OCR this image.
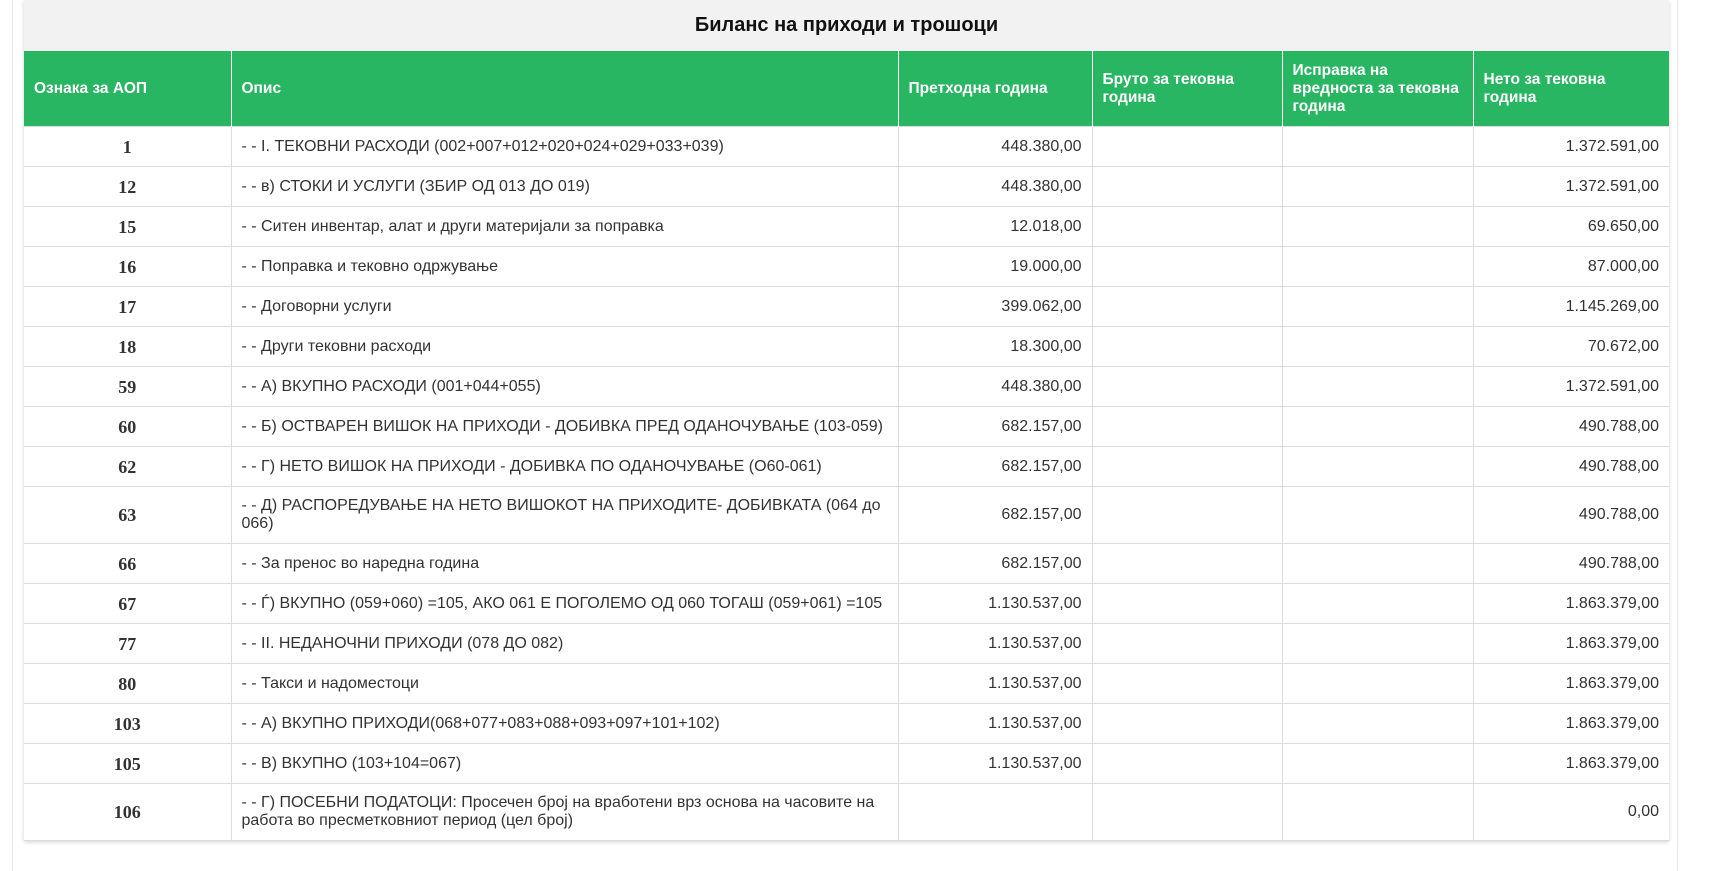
Биланс на приходи и трошоци
Ознака за АОП	Опис	Претходна година	Бруто за тековна година	Исправка на вредноста за тековна година	Нето за тековна година
1	- - I. ТЕКОВНИ РАСХОДИ (002+007+012+020+024+029+033+039)	448.380,00			1.372.591,00
12	- - в) СТОКИ И УСЛУГИ (ЗБИР ОД 013 ДО 019)	448.380,00			1.372.591,00
15	- - Ситен инвентар, алат и други материјали за поправка	12.018,00			69.650,00
16	- - Поправка и тековно одржување	19.000,00			87.000,00
17	- - Договорни услуги	399.062,00			1.145.269,00
18	- - Други тековни расходи	18.300,00			70.672,00
59	- - А) ВКУПНО РАСХОДИ (001+044+055)	448.380,00			1.372.591,00
60	- - Б) ОСТВАРЕН ВИШОК НА ПРИХОДИ - ДОБИВКА ПРЕД ОДАНОЧУВАЊЕ (103-059)	682.157,00			490.788,00
62	- - Г) НЕТО ВИШОК НА ПРИХОДИ - ДОБИВКА ПО ОДАНОЧУВАЊЕ (О60-061)	682.157,00			490.788,00
63	- - Д) РАСПОРЕДУВАЊЕ НА НЕТО ВИШОКОТ НА ПРИХОДИТЕ- ДОБИВКАТА (064 до 066)	682.157,00			490.788,00
66	- - За пренос во наредна година	682.157,00			490.788,00
67	- - Ѓ) ВКУПНО (059+060) =105, АКО 061 Е ПОГОЛЕМО ОД 060 ТОГАШ (059+061) =105	1.130.537,00			1.863.379,00
77	- - II. НЕДАНОЧНИ ПРИХОДИ (078 ДО 082)	1.130.537,00			1.863.379,00
80	- - Такси и надоместоци	1.130.537,00			1.863.379,00
103	- - А) ВКУПНО ПРИХОДИ(068+077+083+088+093+097+101+102)	1.130.537,00			1.863.379,00
105	- - В) ВКУПНО (103+104=067)	1.130.537,00			1.863.379,00
106	- - Г) ПОСЕБНИ ПОДАТОЦИ: Просечен број на вработени врз основа на часовите на работа во пресметковниот период (цел број)				0,00
